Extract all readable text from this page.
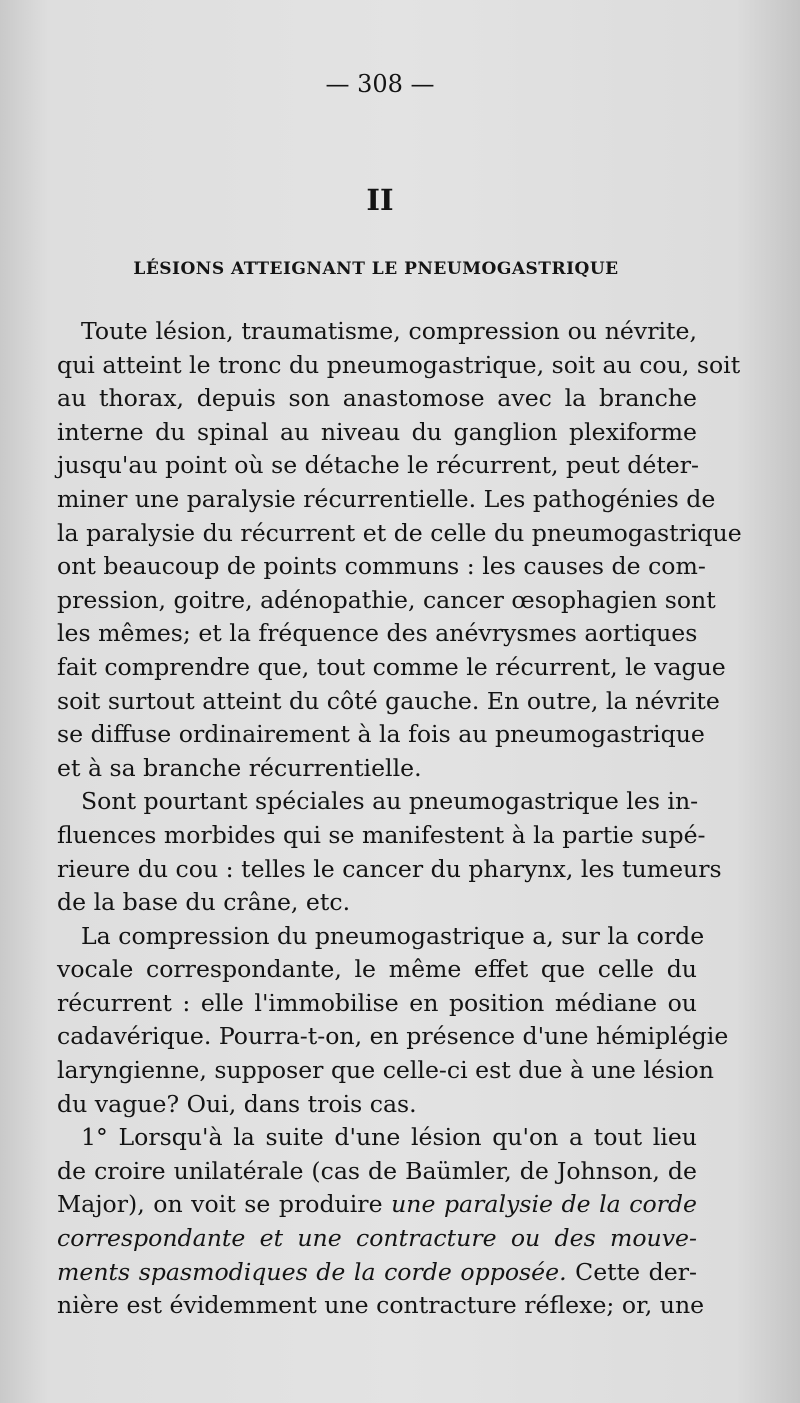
— 308 —
II
LÉSIONS ATTEIGNANT LE PNEUMOGASTRIQUE
Toute lésion, traumatisme, compression ou névrite,
qui atteint le tronc du pneumogastrique, soit au cou, soit
au thorax, depuis son anastomose avec la branche
interne du spinal au niveau du ganglion plexiforme
jusqu'au point où se détache le récurrent, peut déter-
miner une paralysie récurrentielle. Les pathogénies de
la paralysie du récurrent et de celle du pneumogastrique
ont beaucoup de points communs : les causes de com-
pression, goitre, adénopathie, cancer œsophagien sont
les mêmes; et la fréquence des anévrysmes aortiques
fait comprendre que, tout comme le récurrent, le vague
soit surtout atteint du côté gauche. En outre, la névrite
se diffuse ordinairement à la fois au pneumogastrique
et à sa branche récurrentielle.
Sont pourtant spéciales au pneumogastrique les in-
fluences morbides qui se manifestent à la partie supé-
rieure du cou : telles le cancer du pharynx, les tumeurs
de la base du crâne, etc.
La compression du pneumogastrique a, sur la corde
vocale correspondante, le même effet que celle du
récurrent : elle l'immobilise en position médiane ou
cadavérique. Pourra-t-on, en présence d'une hémiplégie
laryngienne, supposer que celle-ci est due à une lésion
du vague? Oui, dans trois cas.
1° Lorsqu'à la suite d'une lésion qu'on a tout lieu
de croire unilatérale (cas de Baümler, de Johnson, de
Major), on voit se produire une paralysie de la corde
correspondante et une contracture ou des mouve-
ments spasmodiques de la corde opposée. Cette der-
nière est évidemment une contracture réflexe; or, une
